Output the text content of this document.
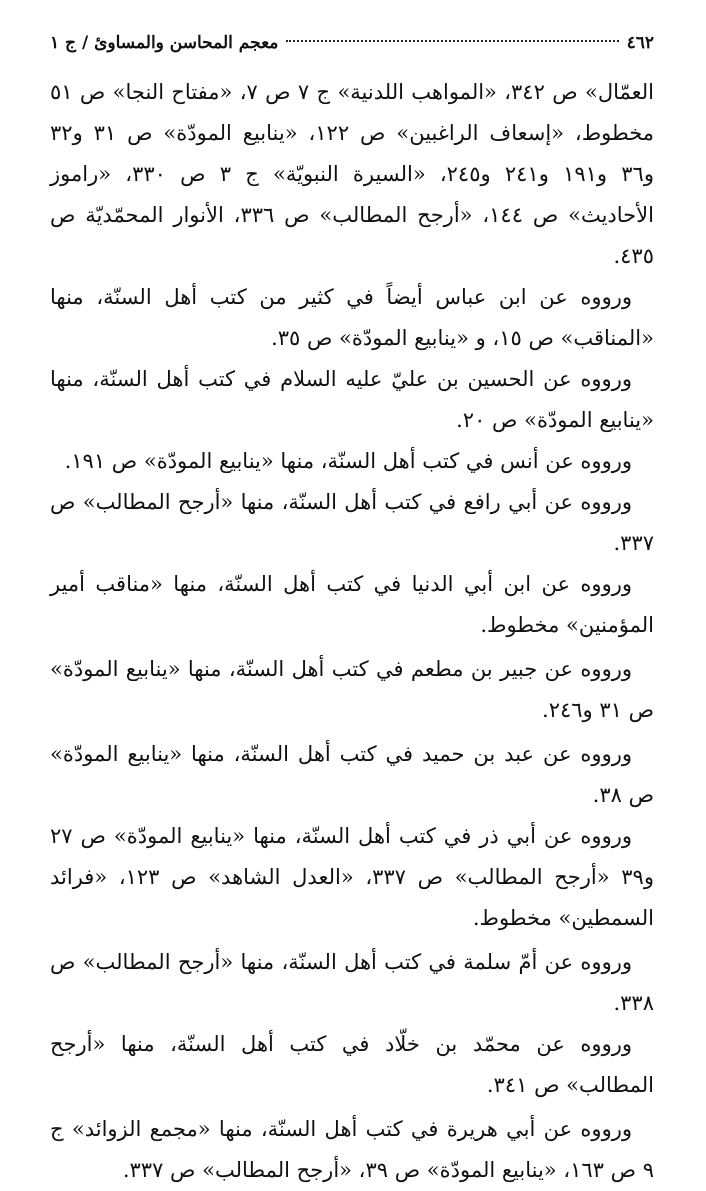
٤٦٢
معجم المحاسن والمساوئ / ج ١

العمّال» ص ٣٤٢، «المواهب اللدنية» ج ٧ ص ٧، «مفتاح النجا» ص ٥١ مخطوط، «إسعاف الراغبين» ص ١٢٢، «ينابيع المودّة» ص ٣١ و٣٢ و٣٦ و١٩١ و٢٤١ و٢٤٥، «السيرة النبويّة» ج ٣ ص ٣٣٠، «راموز الأحاديث» ص ١٤٤، «أرجح المطالب» ص ٣٣٦، الأنوار المحمّديّة ص ٤٣٥.

ورووه عن ابن عباس أيضاً في كثير من كتب أهل السنّة، منها «المناقب» ص ١٥، و «ينابيع المودّة» ص ٣٥.

ورووه عن الحسين بن عليّ عليه السلام في كتب أهل السنّة، منها «ينابيع المودّة» ص ٢٠.

ورووه عن أنس في كتب أهل السنّة، منها «ينابيع المودّة» ص ١٩١.

ورووه عن أبي رافع في كتب أهل السنّة، منها «أرجح المطالب» ص ٣٣٧.

ورووه عن ابن أبي الدنيا في كتب أهل السنّة، منها «مناقب أمير المؤمنين» مخطوط.

ورووه عن جبير بن مطعم في كتب أهل السنّة، منها «ينابيع المودّة» ص ٣١ و٢٤٦.

ورووه عن عبد بن حميد في كتب أهل السنّة، منها «ينابيع المودّة» ص ٣٨.

ورووه عن أبي ذر في كتب أهل السنّة، منها «ينابيع المودّة» ص ٢٧ و٣٩ «أرجح المطالب» ص ٣٣٧، «العدل الشاهد» ص ١٢٣، «فرائد السمطين» مخطوط.

ورووه عن أمّ سلمة في كتب أهل السنّة، منها «أرجح المطالب» ص ٣٣٨.

ورووه عن محمّد بن خلّاد في كتب أهل السنّة، منها «أرجح المطالب» ص ٣٤١.

ورووه عن أبي هريرة في كتب أهل السنّة، منها «مجمع الزوائد» ج ٩ ص ١٦٣، «ينابيع المودّة» ص ٣٩، «أرجح المطالب» ص ٣٣٧.
